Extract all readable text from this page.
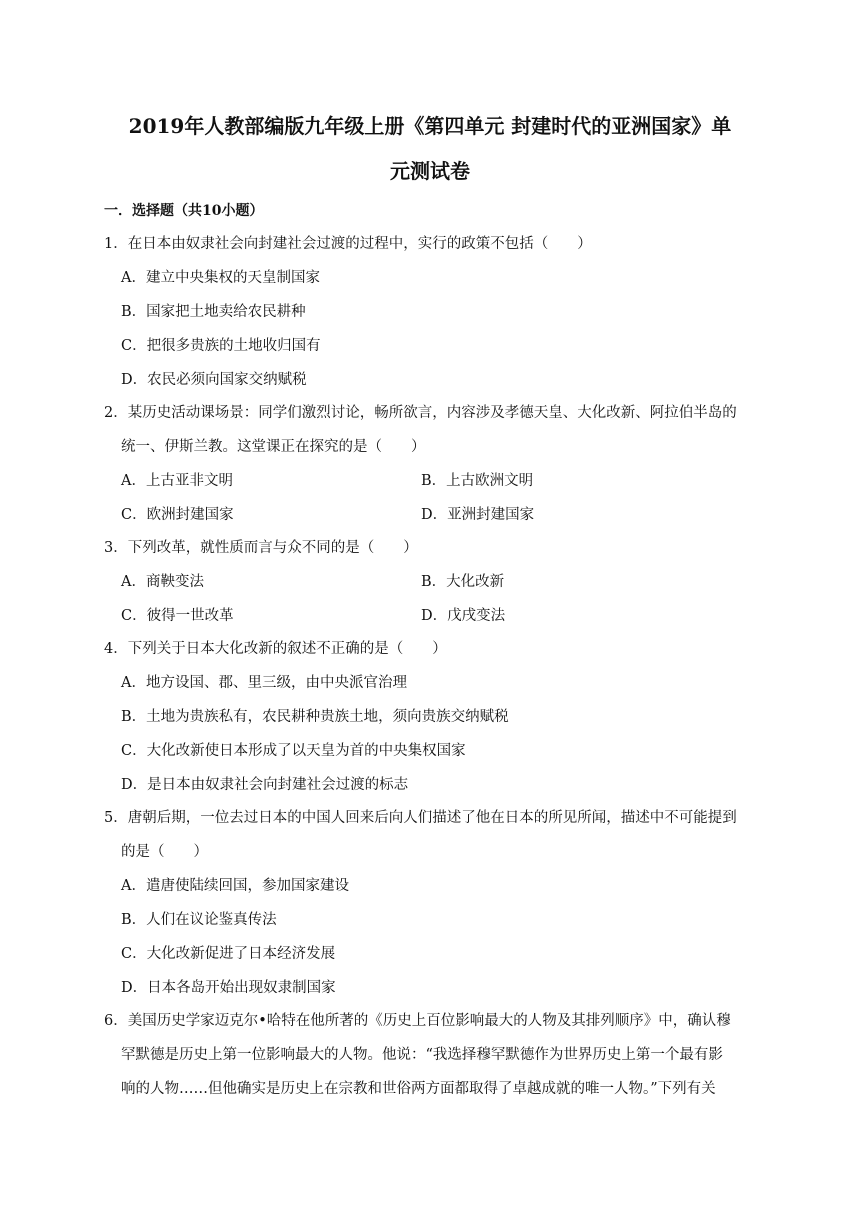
2019年人教部编版九年级上册《第四单元 封建时代的亚洲国家》单
元测试卷
一．选择题（共10小题）
1．在日本由奴隶社会向封建社会过渡的过程中，实行的政策不包括（　　）
A．建立中央集权的天皇制国家
B．国家把土地卖给农民耕种
C．把很多贵族的土地收归国有
D．农民必须向国家交纳赋税
2．某历史活动课场景：同学们激烈讨论，畅所欲言，内容涉及孝德天皇、大化改新、阿拉伯半岛的
统一、伊斯兰教。这堂课正在探究的是（　　）
A．上古亚非文明	B．上古欧洲文明
C．欧洲封建国家	D．亚洲封建国家
3．下列改革，就性质而言与众不同的是（　　）
A．商鞅变法	B．大化改新
C．彼得一世改革	D．戊戌变法
4．下列关于日本大化改新的叙述不正确的是（　　）
A．地方设国、郡、里三级，由中央派官治理
B．土地为贵族私有，农民耕种贵族土地，须向贵族交纳赋税
C．大化改新使日本形成了以天皇为首的中央集权国家
D．是日本由奴隶社会向封建社会过渡的标志
5．唐朝后期，一位去过日本的中国人回来后向人们描述了他在日本的所见所闻，描述中不可能提到
的是（　　）
A．遣唐使陆续回国，参加国家建设
B．人们在议论鉴真传法
C．大化改新促进了日本经济发展
D．日本各岛开始出现奴隶制国家
6．美国历史学家迈克尔•哈特在他所著的《历史上百位影响最大的人物及其排列顺序》中，确认穆
罕默德是历史上第一位影响最大的人物。他说：“我选择穆罕默德作为世界历史上第一个最有影
响的人物……但他确实是历史上在宗教和世俗两方面都取得了卓越成就的唯一人物。”下列有关
